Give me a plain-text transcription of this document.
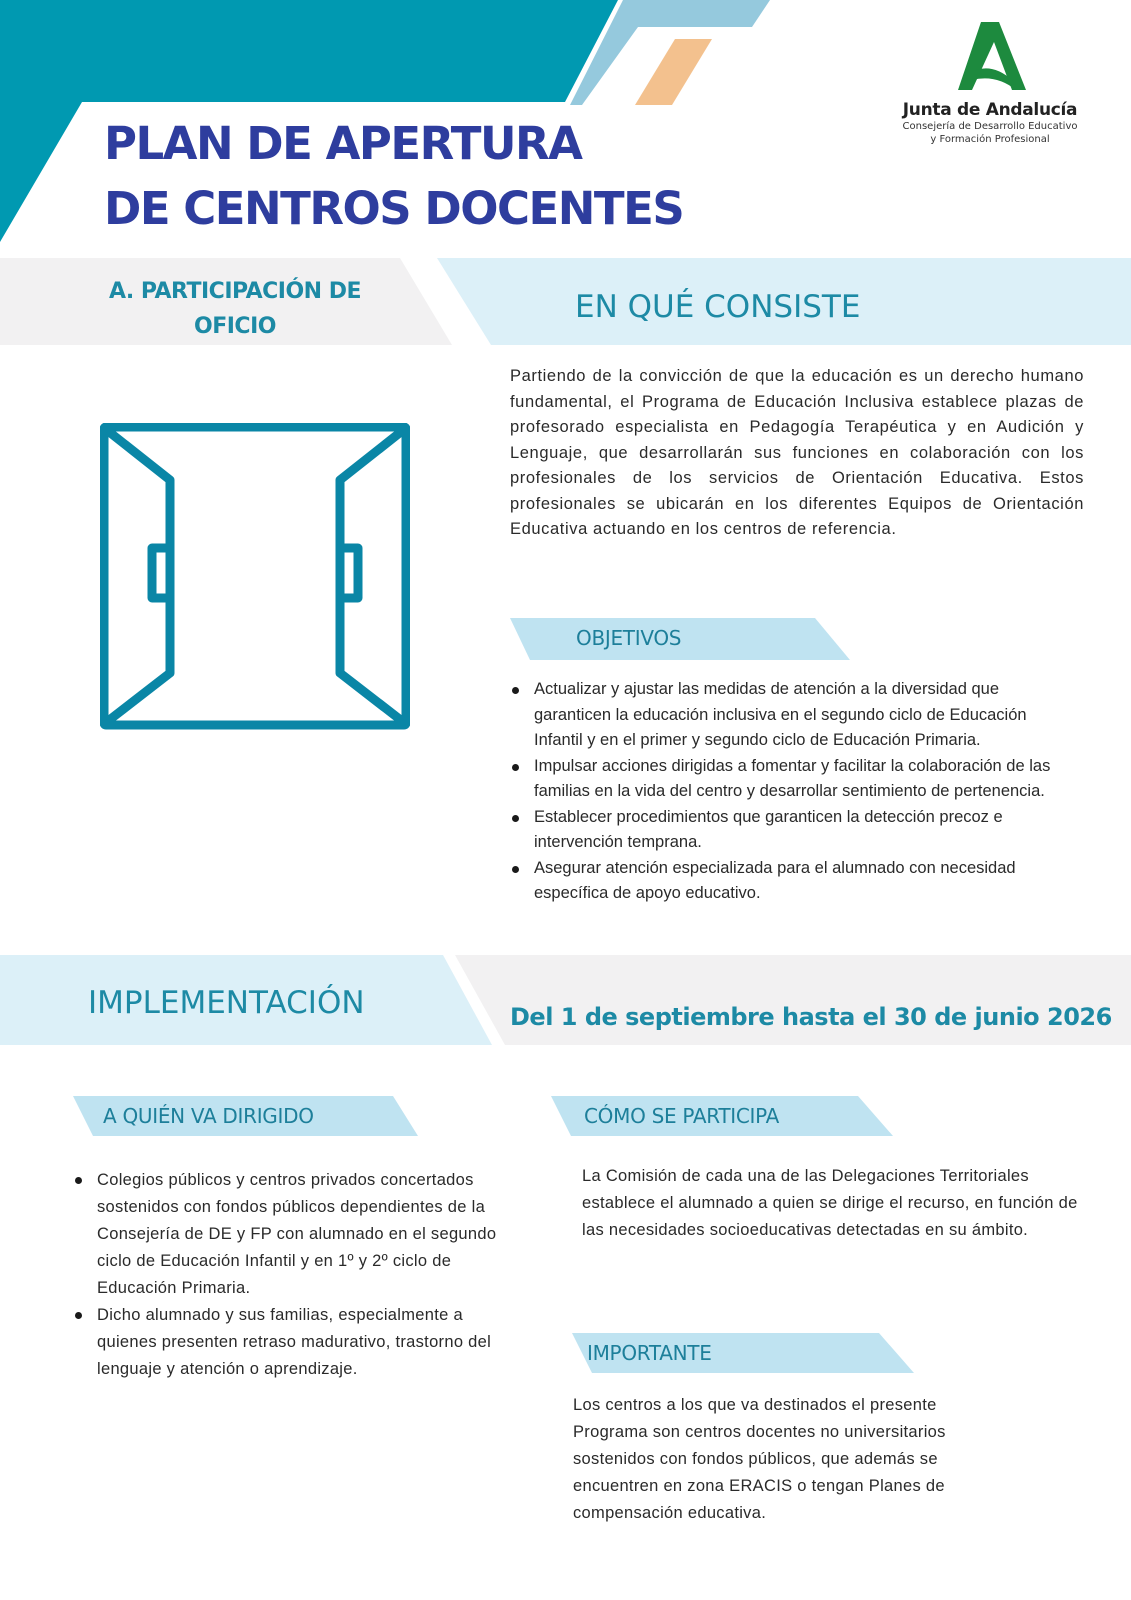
PLAN DE APERTURA
DE CENTROS DOCENTES
Junta de Andalucía
Consejería de Desarrollo Educativo
y Formación Profesional
A. PARTICIPACIÓN DE
OFICIO
EN QUÉ CONSISTE
Partiendo de la convicción de que la educación es un derecho humano fundamental, el Programa de Educación Inclusiva establece plazas de profesorado especialista en Pedagogía Terapéutica y en Audición y Lenguaje, que desarrollarán sus funciones en colaboración con los profesionales de los servicios de Orientación Educativa. Estos profesionales se ubicarán en los diferentes Equipos de Orientación Educativa actuando en los centros de referencia.
OBJETIVOS
Actualizar y ajustar las medidas de atención a la diversidad que garanticen la educación inclusiva en el segundo ciclo de Educación Infantil y en el primer y segundo ciclo de Educación Primaria.
Impulsar acciones dirigidas a fomentar y facilitar la colaboración de las familias en la vida del centro y desarrollar sentimiento de pertenencia.
Establecer procedimientos que garanticen la detección precoz e intervención temprana.
Asegurar atención especializada para el alumnado con necesidad específica de apoyo educativo.
IMPLEMENTACIÓN	Del 1 de septiembre hasta el 30 de junio 2026
A QUIÉN VA DIRIGIDO
Colegios públicos y centros privados concertados sostenidos con fondos públicos dependientes de la Consejería de DE y FP con alumnado en el segundo ciclo de Educación Infantil y en 1º y 2º ciclo de Educación Primaria.
Dicho alumnado y sus familias, especialmente a quienes presenten retraso madurativo, trastorno del lenguaje y atención o aprendizaje.
CÓMO SE PARTICIPA
La Comisión de cada una de las Delegaciones Territoriales establece el alumnado a quien se dirige el recurso, en función de las necesidades socioeducativas detectadas en su ámbito.
IMPORTANTE
Los centros a los que va destinados el presente Programa son centros docentes no universitarios sostenidos con fondos públicos, que además se encuentren en zona ERACIS o tengan Planes de compensación educativa.
